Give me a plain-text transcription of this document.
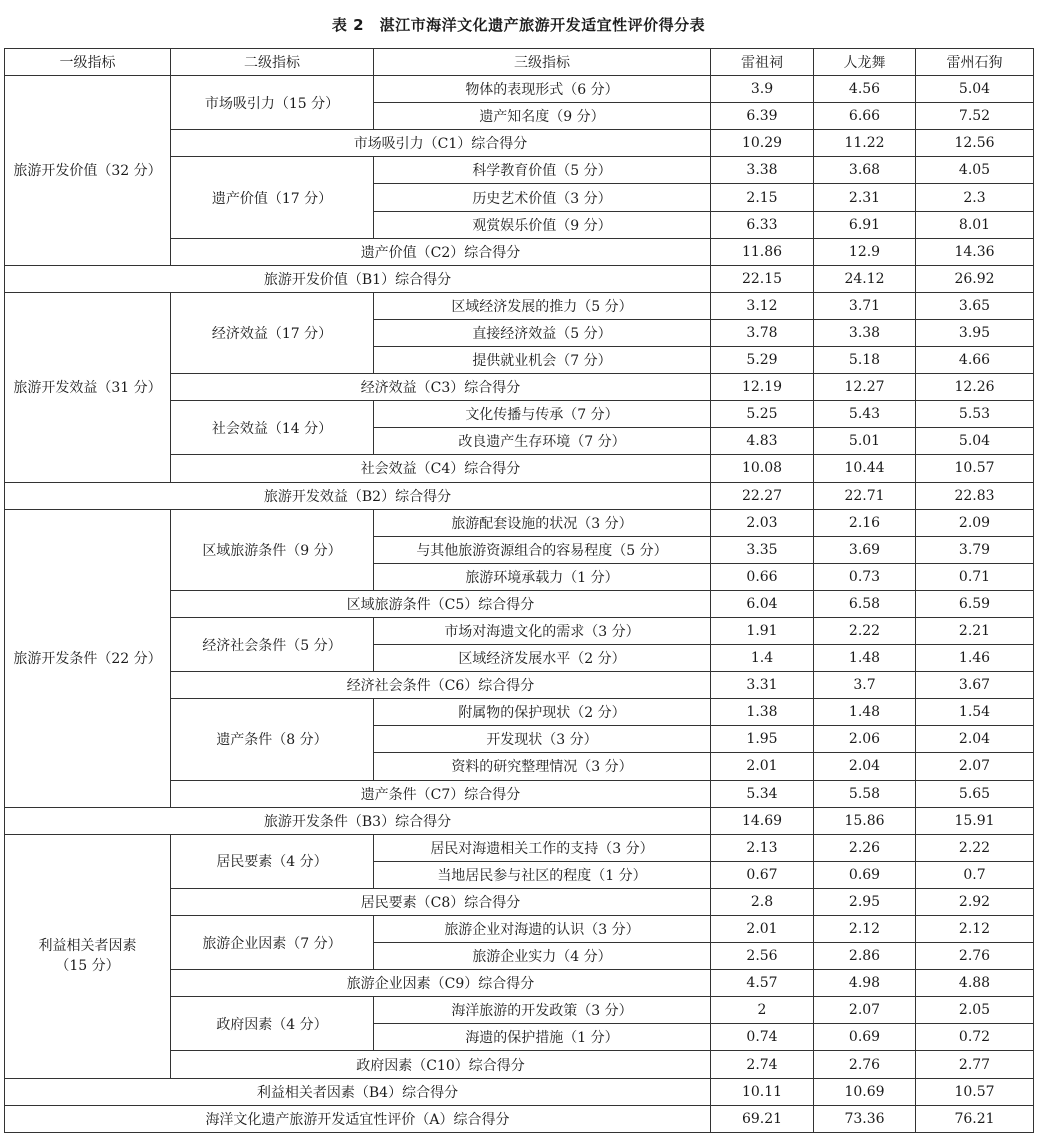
表 2　湛江市海洋文化遗产旅游开发适宜性评价得分表
一级指标	二级指标	三级指标	雷祖祠	人龙舞	雷州石狗
旅游开发价值（32 分）	市场吸引力（15 分）	物体的表现形式（6 分）	3.9	4.56	5.04
		遗产知名度（9 分）	6.39	6.66	7.52
	市场吸引力（C1）综合得分		10.29	11.22	12.56
	遗产价值（17 分）	科学教育价值（5 分）	3.38	3.68	4.05
		历史艺术价值（3 分）	2.15	2.31	2.3
		观赏娱乐价值（9 分）	6.33	6.91	8.01
	遗产价值（C2）综合得分		11.86	12.9	14.36
旅游开发价值（B1）综合得分			22.15	24.12	26.92
旅游开发效益（31 分）	经济效益（17 分）	区域经济发展的推力（5 分）	3.12	3.71	3.65
		直接经济效益（5 分）	3.78	3.38	3.95
		提供就业机会（7 分）	5.29	5.18	4.66
	经济效益（C3）综合得分		12.19	12.27	12.26
	社会效益（14 分）	文化传播与传承（7 分）	5.25	5.43	5.53
		改良遗产生存环境（7 分）	4.83	5.01	5.04
	社会效益（C4）综合得分		10.08	10.44	10.57
旅游开发效益（B2）综合得分			22.27	22.71	22.83
旅游开发条件（22 分）	区域旅游条件（9 分）	旅游配套设施的状况（3 分）	2.03	2.16	2.09
		与其他旅游资源组合的容易程度（5 分）	3.35	3.69	3.79
		旅游环境承载力（1 分）	0.66	0.73	0.71
	区域旅游条件（C5）综合得分		6.04	6.58	6.59
	经济社会条件（5 分）	市场对海遗文化的需求（3 分）	1.91	2.22	2.21
		区域经济发展水平（2 分）	1.4	1.48	1.46
	经济社会条件（C6）综合得分		3.31	3.7	3.67
	遗产条件（8 分）	附属物的保护现状（2 分）	1.38	1.48	1.54
		开发现状（3 分）	1.95	2.06	2.04
		资料的研究整理情况（3 分）	2.01	2.04	2.07
	遗产条件（C7）综合得分		5.34	5.58	5.65
旅游开发条件（B3）综合得分			14.69	15.86	15.91

利益相关者因素
（15 分）	居民要素（4 分）	居民对海遗相关工作的支持（3 分）	2.13	2.26	2.22
		当地居民参与社区的程度（1 分）	0.67	0.69	0.7
	居民要素（C8）综合得分		2.8	2.95	2.92
	旅游企业因素（7 分）	旅游企业对海遗的认识（3 分）	2.01	2.12	2.12
		旅游企业实力（4 分）	2.56	2.86	2.76
	旅游企业因素（C9）综合得分		4.57	4.98	4.88
	政府因素（4 分）	海洋旅游的开发政策（3 分）	2	2.07	2.05
		海遗的保护措施（1 分）	0.74	0.69	0.72
	政府因素（C10）综合得分		2.74	2.76	2.77
利益相关者因素（B4）综合得分			10.11	10.69	10.57
海洋文化遗产旅游开发适宜性评价（A）综合得分			69.21	73.36	76.21
